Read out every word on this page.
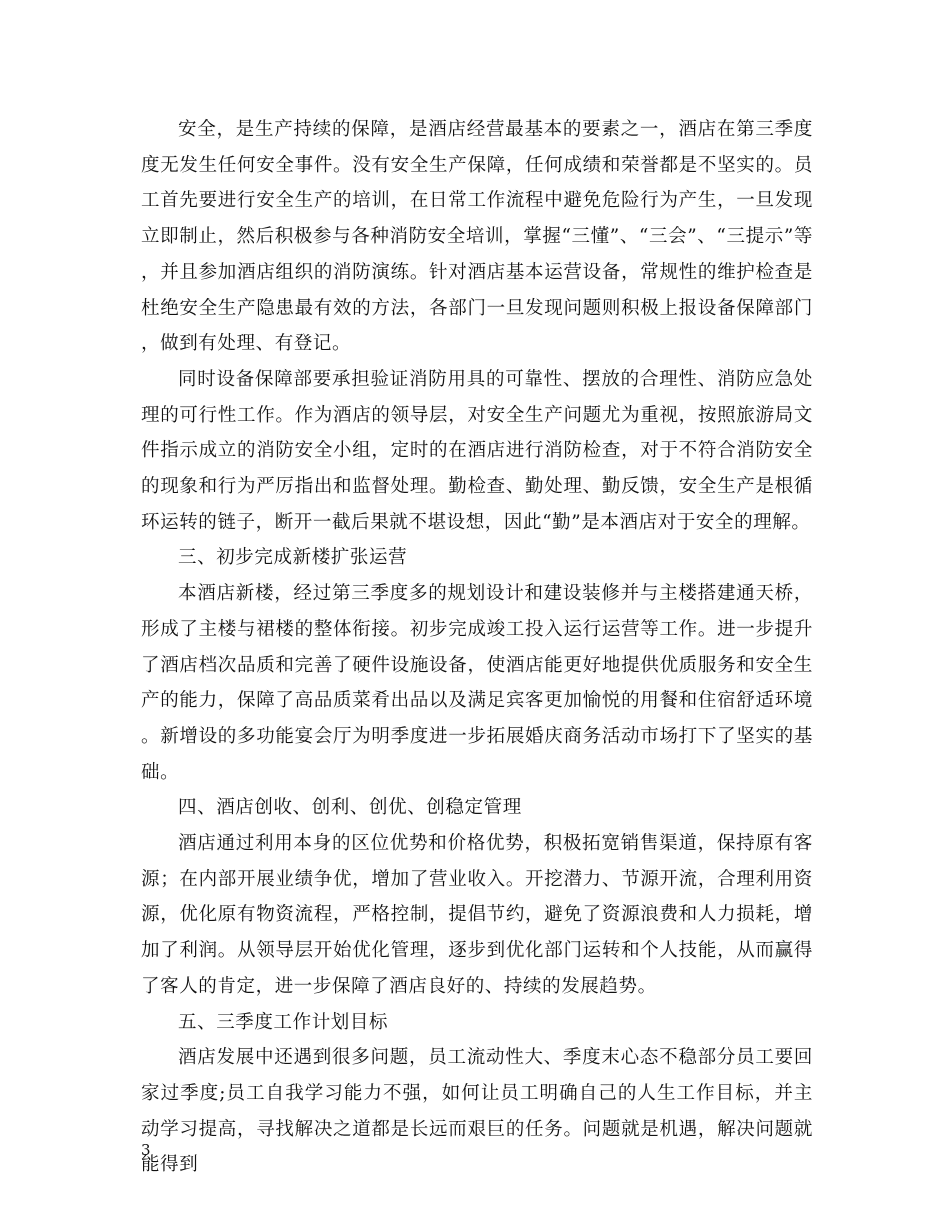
安全，是生产持续的保障，是酒店经营最基本的要素之一，酒店在第三季度度无发生任何安全事件。没有安全生产保障，任何成绩和荣誉都是不坚实的。员工首先要进行安全生产的培训，在日常工作流程中避免危险行为产生，一旦发现立即制止，然后积极参与各种消防安全培训，掌握“三懂”、“三会”、“三提示”等，并且参加酒店组织的消防演练。针对酒店基本运营设备，常规性的维护检查是杜绝安全生产隐患最有效的方法，各部门一旦发现问题则积极上报设备保障部门，做到有处理、有登记。

同时设备保障部要承担验证消防用具的可靠性、摆放的合理性、消防应急处理的可行性工作。作为酒店的领导层，对安全生产问题尤为重视，按照旅游局文件指示成立的消防安全小组，定时的在酒店进行消防检查，对于不符合消防安全的现象和行为严厉指出和监督处理。勤检查、勤处理、勤反馈，安全生产是根循环运转的链子，断开一截后果就不堪设想，因此“勤”是本酒店对于安全的理解。

三、初步完成新楼扩张运营

本酒店新楼，经过第三季度多的规划设计和建设装修并与主楼搭建通天桥，形成了主楼与裙楼的整体衔接。初步完成竣工投入运行运营等工作。进一步提升了酒店档次品质和完善了硬件设施设备，使酒店能更好地提供优质服务和安全生产的能力，保障了高品质菜肴出品以及满足宾客更加愉悦的用餐和住宿舒适环境。新增设的多功能宴会厅为明季度进一步拓展婚庆商务活动市场打下了坚实的基础。

四、酒店创收、创利、创优、创稳定管理

酒店通过利用本身的区位优势和价格优势，积极拓宽销售渠道，保持原有客源；在内部开展业绩争优，增加了营业收入。开挖潜力、节源开流，合理利用资源，优化原有物资流程，严格控制，提倡节约，避免了资源浪费和人力损耗，增加了利润。从领导层开始优化管理，逐步到优化部门运转和个人技能，从而赢得了客人的肯定，进一步保障了酒店良好的、持续的发展趋势。

五、三季度工作计划目标

酒店发展中还遇到很多问题，员工流动性大、季度末心态不稳部分员工要回家过季度;员工自我学习能力不强，如何让员工明确自己的人生工作目标，并主动学习提高，寻找解决之道都是长远而艰巨的任务。问题就是机遇，解决问题就能得到

3
